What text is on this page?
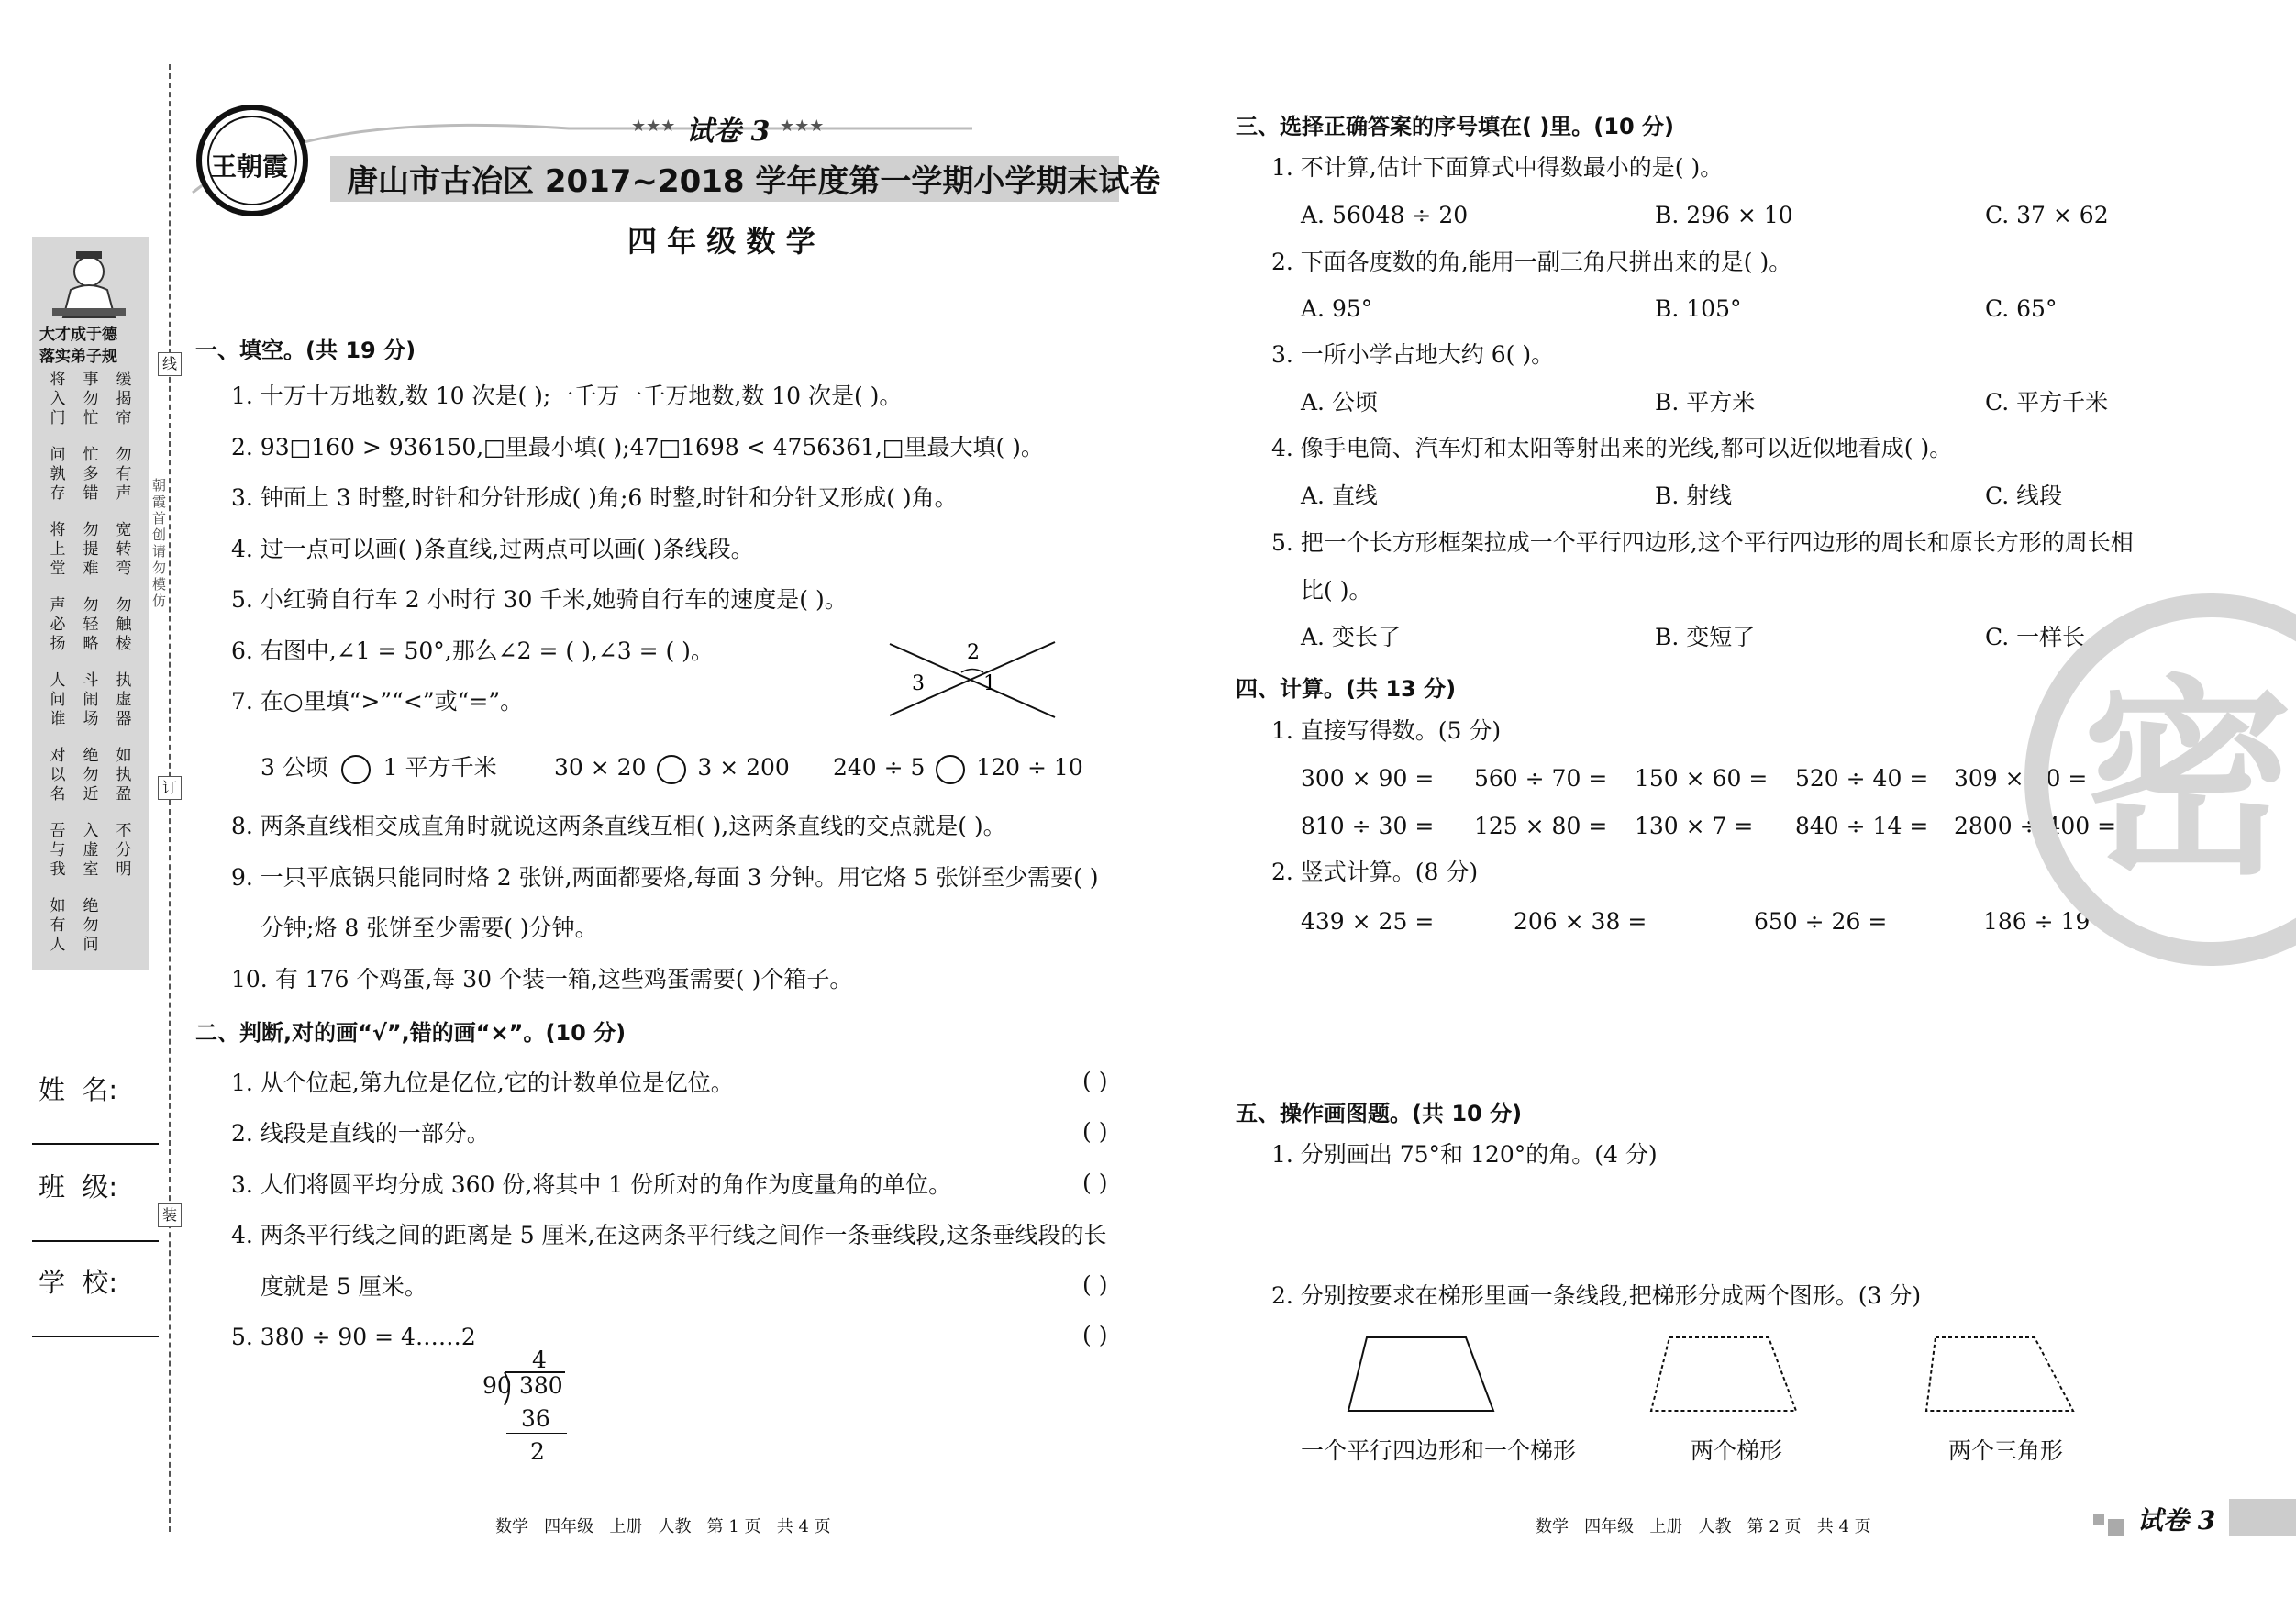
大才成于德
落实弟子规
将入门
事勿忙
缓揭帘
问孰存
忙多错
勿有声
将上堂
勿提难
宽转弯
声必扬
勿轻略
勿触棱
人问谁
斗闹场
执虚器
对以名
绝勿近
如执盈
吾与我
入虚室
不分明
如有人
绝勿问
线
订
装
朝霞首创 请勿模仿
姓  名:
班  级:
学  校:
★★★ 试卷 3 ★★★
王朝霞 唐山市古冶区 2017~2018 学年度第一学期小学期末试卷
四 年 级 数 学
一、填空。(共 19 分)
1. 十万十万地数,数 10 次是( );一千万一千万地数,数 10 次是( )。
2. 93□160 > 936150,□里最小填( );47□1698 < 4756361,□里最大填( )。
3. 钟面上 3 时整,时针和分针形成( )角;6 时整,时针和分针又形成( )角。
4. 过一点可以画( )条直线,过两点可以画( )条线段。
5. 小红骑自行车 2 小时行 30 千米,她骑自行车的速度是( )。
6. 右图中,∠1 = 50°,那么∠2 = ( ),∠3 = ( )。	2
1
3
7. 在○里填“>”“<”或“=”。
3 公顷 1 平方千米 30 × 20 3 × 200 240 ÷ 5 120 ÷ 10
8. 两条直线相交成直角时就说这两条直线互相( ),这两条直线的交点就是( )。
9. 一只平底锅只能同时烙 2 张饼,两面都要烙,每面 3 分钟。用它烙 5 张饼至少需要( )
分钟;烙 8 张饼至少需要( )分钟。
10. 有 176 个鸡蛋,每 30 个装一箱,这些鸡蛋需要( )个箱子。
二、判断,对的画“√”,错的画“×”。(10 分)
1. 从个位起,第九位是亿位,它的计数单位是亿位。	( )
2. 线段是直线的一部分。	( )
3. 人们将圆平均分成 360 份,将其中 1 份所对的角作为度量角的单位。	( )
4. 两条平行线之间的距离是 5 厘米,在这两条平行线之间作一条垂线段,这条垂线段的长
度就是 5 厘米。	( )
5. 380 ÷ 90 = 4……2	( )
4
90 380
36
2
数学   四年级   上册   人教   第 1 页   共 4 页
三、选择正确答案的序号填在( )里。(10 分)
1. 不计算,估计下面算式中得数最小的是( )。
A. 56048 ÷ 20	B. 296 × 10	C. 37 × 62
2. 下面各度数的角,能用一副三角尺拼出来的是( )。
A. 95°	B. 105°	C. 65°
3. 一所小学占地大约 6( )。
A. 公顷	B. 平方米	C. 平方千米
4. 像手电筒、汽车灯和太阳等射出来的光线,都可以近似地看成( )。
A. 直线	B. 射线	C. 线段
5. 把一个长方形框架拉成一个平行四边形,这个平行四边形的周长和原长方形的周长相
比( )。
A. 变长了	B. 变短了	C. 一样长
四、计算。(共 13 分)
1. 直接写得数。(5 分)
300 × 90 = 560 ÷ 70 = 150 × 60 = 520 ÷ 40 = 309 × 10 =
810 ÷ 30 = 125 × 80 = 130 × 7 = 840 ÷ 14 = 2800 ÷ 400 =
2. 竖式计算。(8 分)
439 × 25 =	206 × 38 =	650 ÷ 26 =	186 ÷ 19 =
五、操作画图题。(共 10 分)
1. 分别画出 75°和 120°的角。(4 分)
2. 分别按要求在梯形里画一条线段,把梯形分成两个图形。(3 分)
一个平行四边形和一个梯形	两个梯形	两个三角形
数学   四年级   上册   人教   第 2 页   共 4 页	试卷 3
密
